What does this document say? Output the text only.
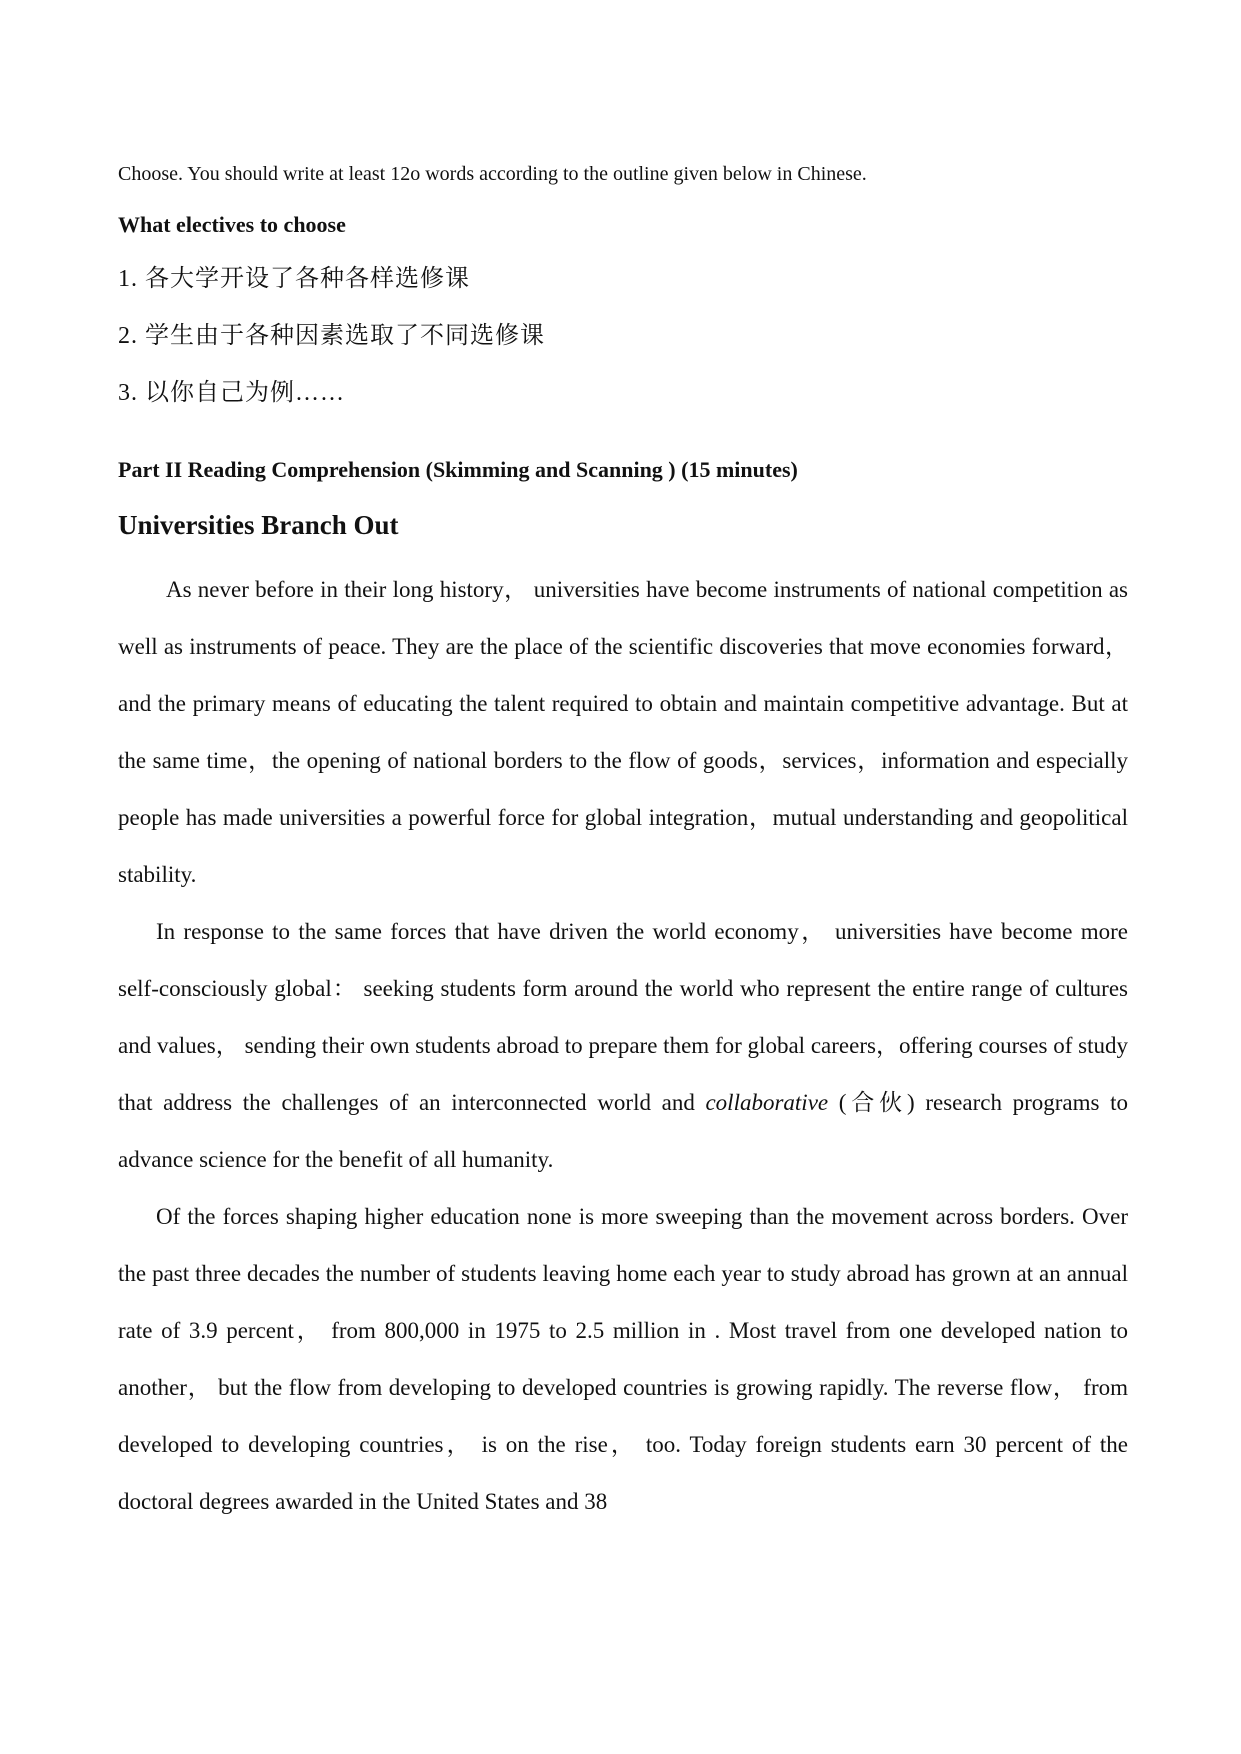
Choose. You should write at least 12o words according to the outline given below in Chinese.

What electives to choose

1. 各大学开设了各种各样选修课

2. 学生由于各种因素选取了不同选修课

3. 以你自己为例……

Part II Reading Comprehension (Skimming and Scanning ) (15 minutes)

Universities Branch Out

As never before in their long history， universities have become instruments of national competition as well as instruments of peace. They are the place of the scientific discoveries that move economies forward， and the primary means of educating the talent required to obtain and maintain competitive advantage. But at the same time，the opening of national borders to the flow of goods，services，information and especially people has made universities a powerful force for global integration，mutual understanding and geopolitical stability.

In response to the same forces that have driven the world economy， universities have become more self-consciously global： seeking students form around the world who represent the entire range of cultures and values， sending their own students abroad to prepare them for global careers，offering courses of study that address the challenges of an interconnected world and collaborative (合伙) research programs to advance science for the benefit of all humanity.

Of the forces shaping higher education none is more sweeping than the movement across borders. Over the past three decades the number of students leaving home each year to study abroad has grown at an annual rate of 3.9 percent， from 800,000 in 1975 to 2.5 million in . Most travel from one developed nation to another， but the flow from developing to developed countries is growing rapidly. The reverse flow， from developed to developing countries， is on the rise， too. Today foreign students earn 30 percent of the doctoral degrees awarded in the United States and 38
